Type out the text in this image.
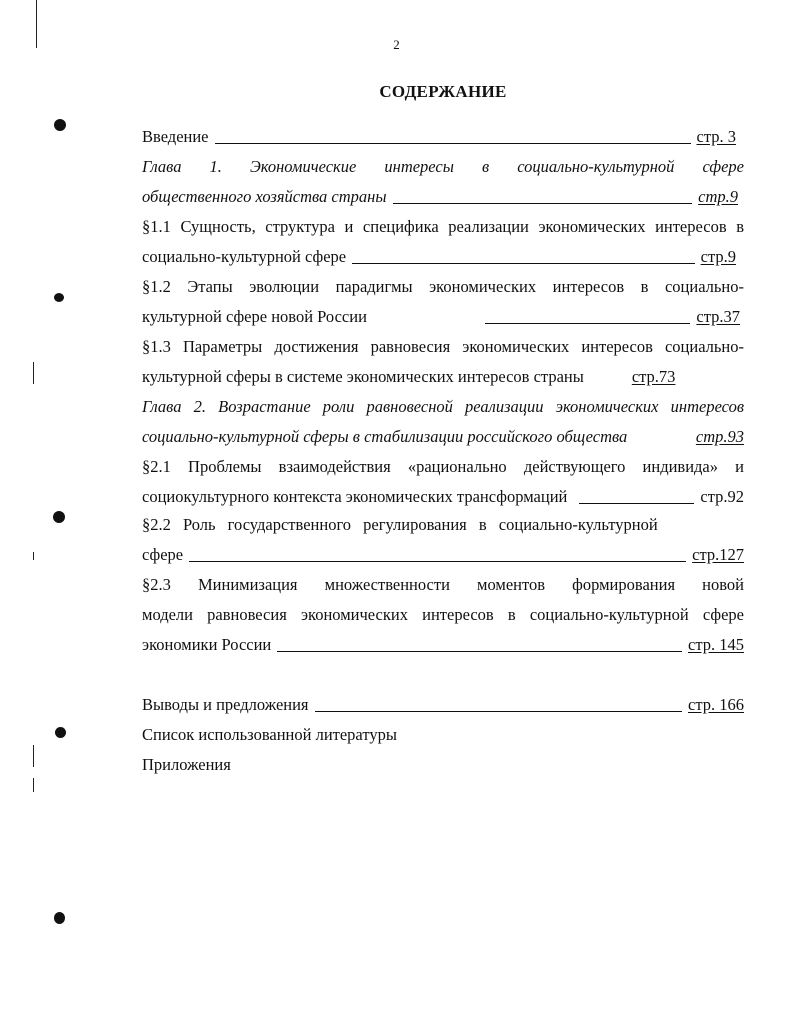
2
СОДЕРЖАНИЕ
Введение	стр. 3
Глава 1. Экономические интересы в социально-культурной сфере
общественного хозяйства страны	стр.9
§1.1 Сущность, структура и специфика реализации экономических интересов в
социально-культурной сфере	стр.9
§1.2 Этапы эволюции парадигмы экономических интересов в социально-
культурной сфере новой России	стр.37
§1.3 Параметры достижения равновесия экономических интересов социально-
культурной сферы в системе экономических интересов страны	стр.73
Глава 2. Возрастание роли равновесной реализации экономических интересов
социально-культурной сферы в стабилизации российского общества	стр.93
§2.1 Проблемы взаимодействия «рационально действующего индивида» и
социокультурного контекста экономических трансформаций	стр.92
§2.2 Роль государственного регулирования в социально-культурной
сфере	стр.127
§2.3 Минимизация множественности моментов формирования новой
модели равновесия экономических интересов в социально-культурной сфере
экономики России	стр. 145
Выводы и предложения	стр. 166
Список использованной литературы
Приложения
